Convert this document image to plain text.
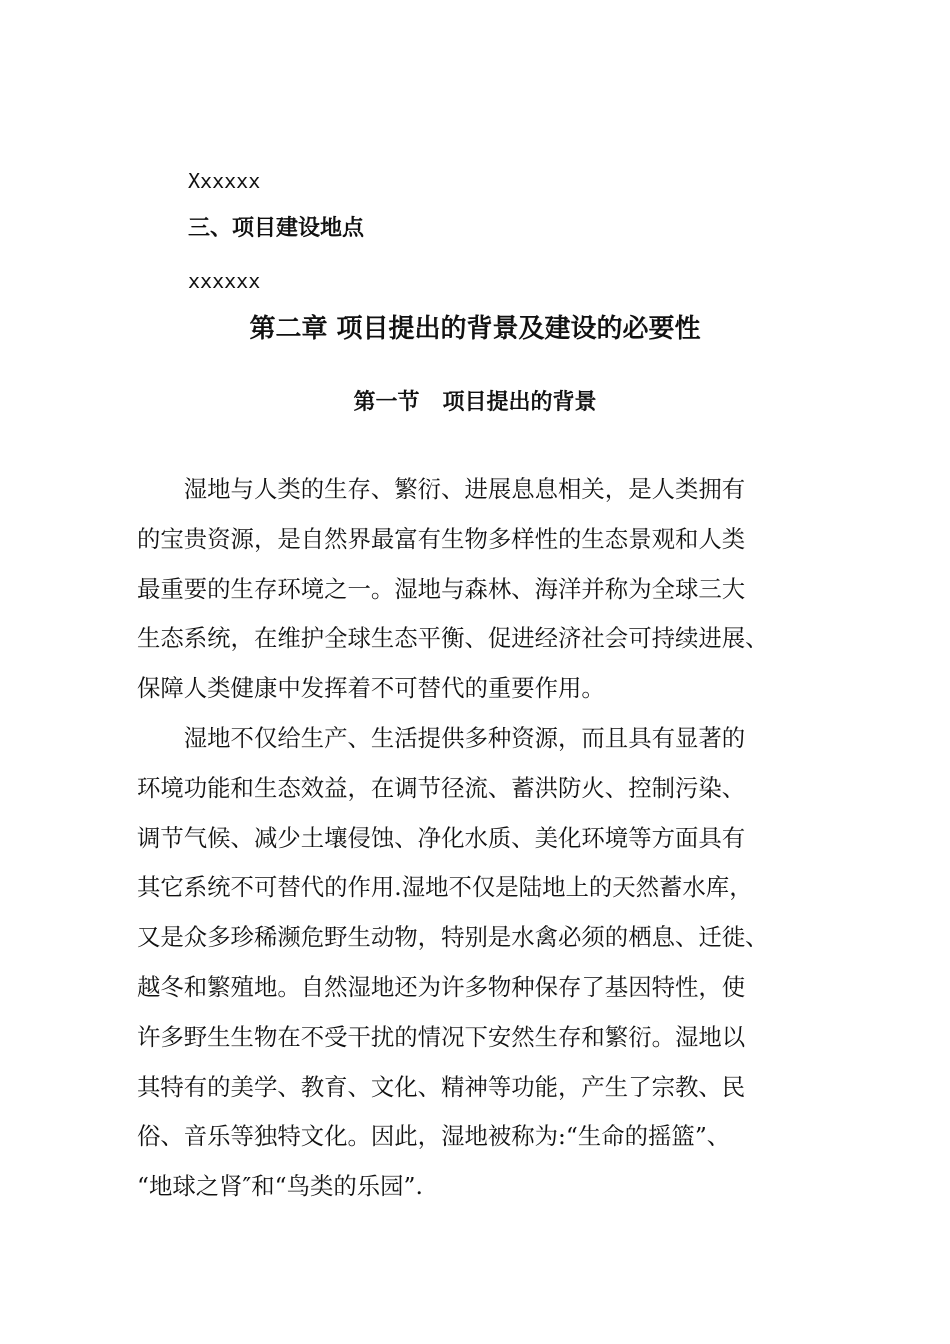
Xxxxxx
三、项目建设地点
xxxxxx
第二章 项目提出的背景及建设的必要性
第一节   项目提出的背景
　　湿地与人类的生存、繁衍、进展息息相关，是人类拥有
的宝贵资源，是自然界最富有生物多样性的生态景观和人类
最重要的生存环境之一。湿地与森林、海洋并称为全球三大
生态系统，在维护全球生态平衡、促进经济社会可持续进展、
保障人类健康中发挥着不可替代的重要作用。
　　湿地不仅给生产、生活提供多种资源，而且具有显著的
环境功能和生态效益，在调节径流、蓄洪防火、控制污染、
调节气候、减少土壤侵蚀、净化水质、美化环境等方面具有
其它系统不可替代的作用.湿地不仅是陆地上的天然蓄水库，
又是众多珍稀濒危野生动物，特别是水禽必须的栖息、迁徙、
越冬和繁殖地。自然湿地还为许多物种保存了基因特性，使
许多野生生物在不受干扰的情况下安然生存和繁衍。湿地以
其特有的美学、教育、文化、精神等功能，产生了宗教、民
俗、音乐等独特文化。因此，湿地被称为:“生命的摇篮”、
“地球之肾″和“鸟类的乐园”.
